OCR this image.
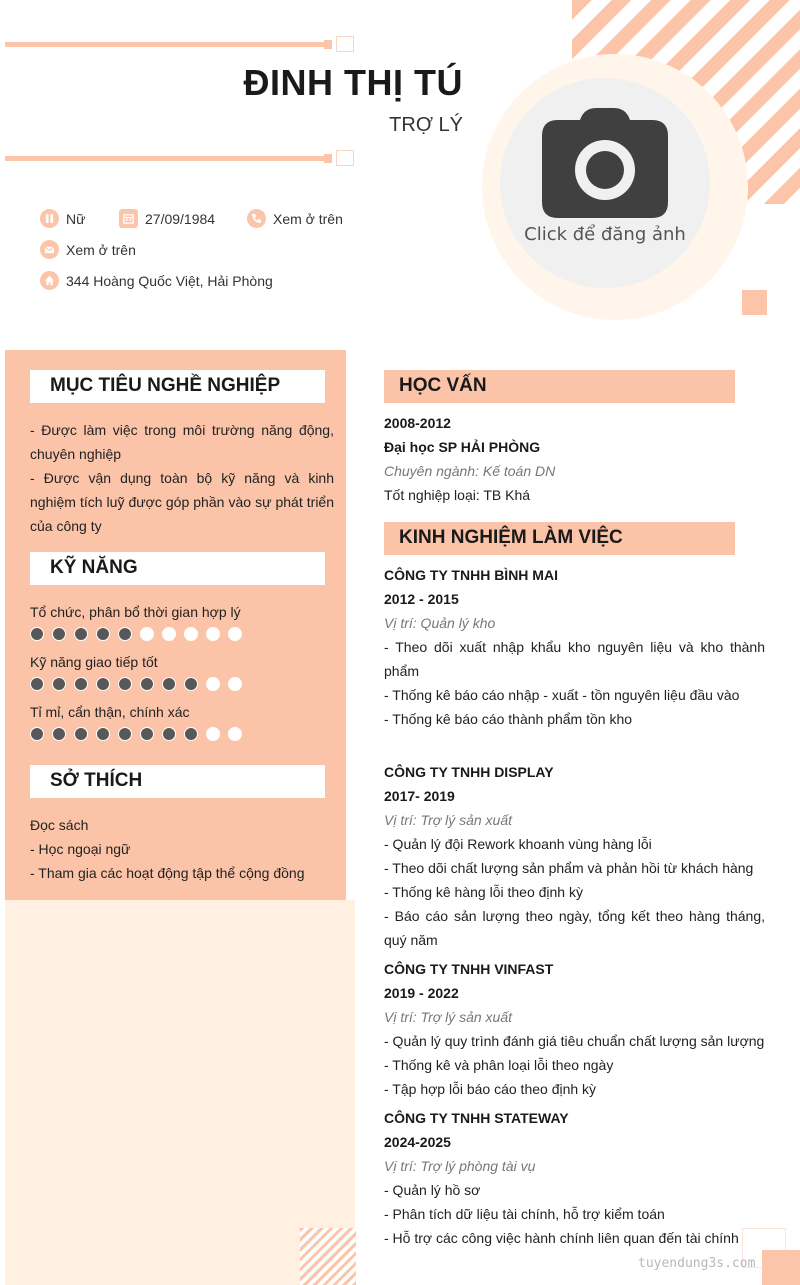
ĐINH THỊ TÚ
TRỢ LÝ
Click để đăng ảnh
Nữ	27/09/1984	Xem ở trên
Xem ở trên
344 Hoàng Quốc Việt, Hải Phòng
MỤC TIÊU NGHỀ NGHIỆP
- Được làm việc trong môi trường năng động, chuyên nghiệp
- Được vận dụng toàn bộ kỹ năng và kinh nghiệm tích luỹ được góp phần vào sự phát triển của công ty
KỸ NĂNG
Tổ chức, phân bổ thời gian hợp lý
Kỹ năng giao tiếp tốt
Tỉ mỉ, cẩn thận, chính xác
SỞ THÍCH
Đọc sách
- Học ngoại ngữ
- Tham gia các hoạt động tập thể cộng đồng
HỌC VẤN
2008-2012
Đại học SP HẢI PHÒNG
Chuyên ngành: Kế toán DN
Tốt nghiệp loại: TB Khá
KINH NGHIỆM LÀM VIỆC
CÔNG TY TNHH BÌNH MAI
2012 - 2015
Vị trí: Quản lý kho
- Theo dõi xuất nhập khẩu kho nguyên liệu và kho thành phẩm
- Thống kê báo cáo nhập - xuất - tồn nguyên liệu đầu vào
- Thống kê báo cáo thành phẩm tồn kho
CÔNG TY TNHH DISPLAY
2017- 2019
Vị trí: Trợ lý sản xuất
- Quản lý đội Rework khoanh vùng hàng lỗi
- Theo dõi chất lượng sản phẩm và phản hồi từ khách hàng
- Thống kê hàng lỗi theo định kỳ
- Báo cáo sản lượng theo ngày, tổng kết theo hàng tháng, quý năm
CÔNG TY TNHH VINFAST
2019 - 2022
Vị trí: Trợ lý sản xuất
- Quản lý quy trình đánh giá tiêu chuẩn chất lượng sản lượng
- Thống kê và phân loại lỗi theo ngày
- Tập hợp lỗi báo cáo theo định kỳ
CÔNG TY TNHH STATEWAY
2024-2025
Vị trí: Trợ lý phòng tài vụ
- Quản lý hồ sơ
- Phân tích dữ liệu tài chính, hỗ trợ kiểm toán
- Hỗ trợ các công việc hành chính liên quan đến tài chính
tuyendung3s.com
